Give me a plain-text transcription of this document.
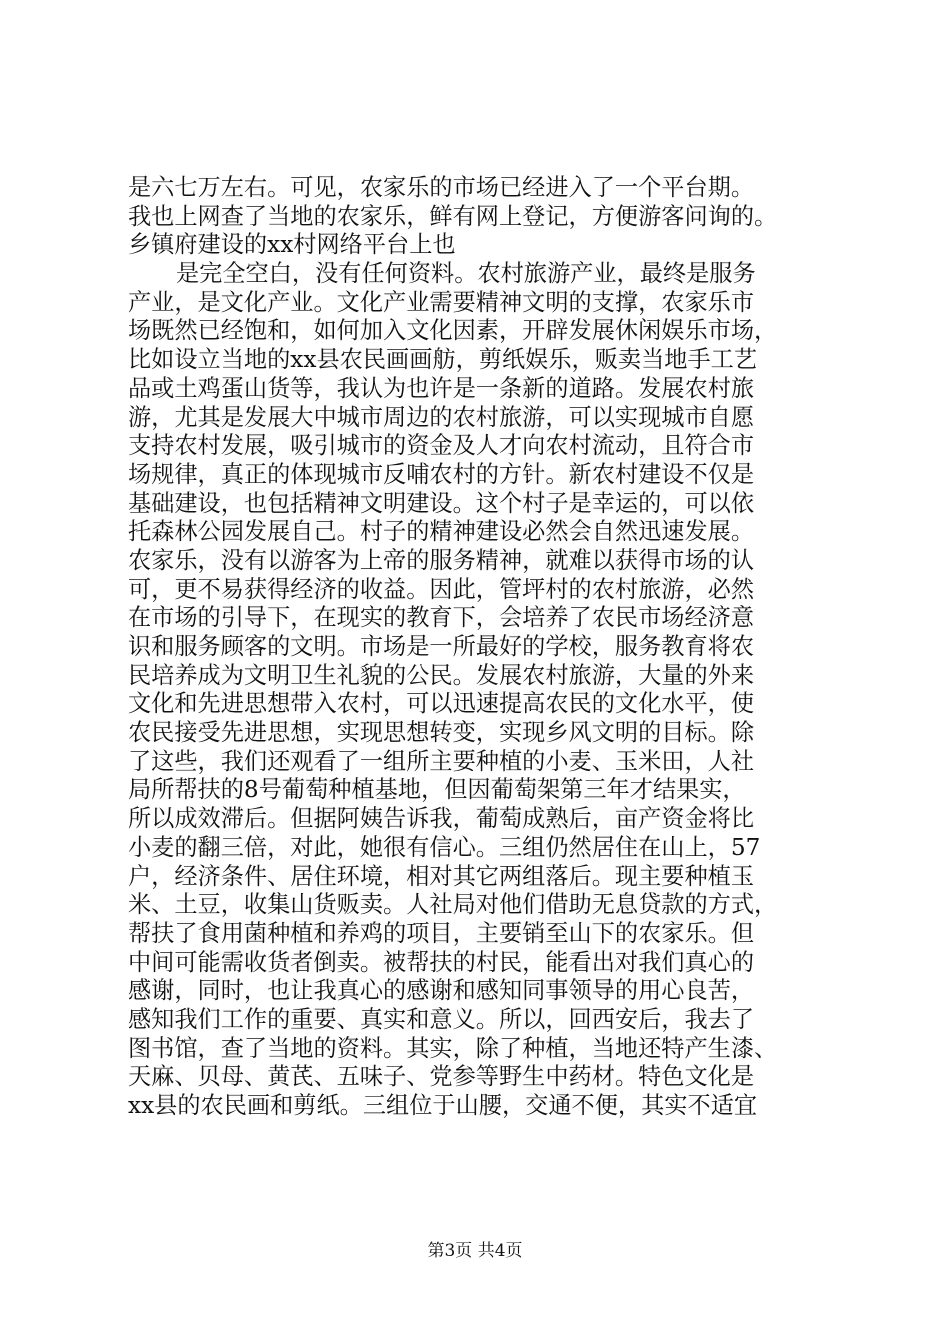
是六七万左右。可见，农家乐的市场已经进入了一个平台期。
我也上网查了当地的农家乐，鲜有网上登记，方便游客问询的。
乡镇府建设的xx村网络平台上也
是完全空白，没有任何资料。农村旅游产业，最终是服务
产业，是文化产业。文化产业需要精神文明的支撑，农家乐市
场既然已经饱和，如何加入文化因素，开辟发展休闲娱乐市场，
比如设立当地的xx县农民画画舫，剪纸娱乐，贩卖当地手工艺
品或土鸡蛋山货等，我认为也许是一条新的道路。发展农村旅
游，尤其是发展大中城市周边的农村旅游，可以实现城市自愿
支持农村发展，吸引城市的资金及人才向农村流动，且符合市
场规律，真正的体现城市反哺农村的方针。新农村建设不仅是
基础建设，也包括精神文明建设。这个村子是幸运的，可以依
托森林公园发展自己。村子的精神建设必然会自然迅速发展。
农家乐，没有以游客为上帝的服务精神，就难以获得市场的认
可，更不易获得经济的收益。因此，管坪村的农村旅游，必然
在市场的引导下，在现实的教育下，会培养了农民市场经济意
识和服务顾客的文明。市场是一所最好的学校，服务教育将农
民培养成为文明卫生礼貌的公民。发展农村旅游，大量的外来
文化和先进思想带入农村，可以迅速提高农民的文化水平，使
农民接受先进思想，实现思想转变，实现乡风文明的目标。除
了这些，我们还观看了一组所主要种植的小麦、玉米田，人社
局所帮扶的8号葡萄种植基地，但因葡萄架第三年才结果实，
所以成效滞后。但据阿姨告诉我，葡萄成熟后，亩产资金将比
小麦的翻三倍，对此，她很有信心。三组仍然居住在山上，57
户，经济条件、居住环境，相对其它两组落后。现主要种植玉
米、土豆，收集山货贩卖。人社局对他们借助无息贷款的方式，
帮扶了食用菌种植和养鸡的项目，主要销至山下的农家乐。但
中间可能需收货者倒卖。被帮扶的村民，能看出对我们真心的
感谢，同时，也让我真心的感谢和感知同事领导的用心良苦，
感知我们工作的重要、真实和意义。所以，回西安后，我去了
图书馆，查了当地的资料。其实，除了种植，当地还特产生漆、
天麻、贝母、黄芪、五味子、党参等野生中药材。特色文化是
xx县的农民画和剪纸。三组位于山腰，交通不便，其实不适宜
第3页 共4页
